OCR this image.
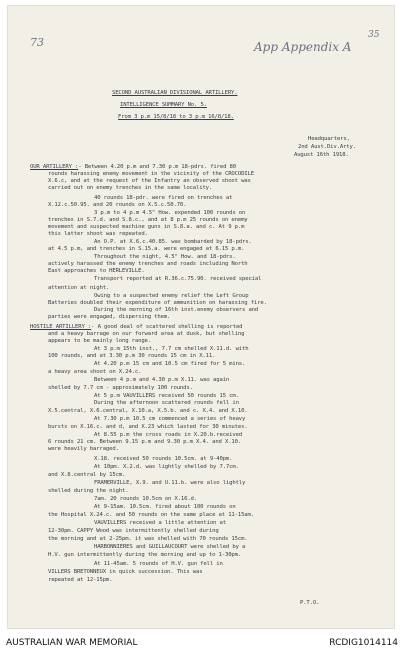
73	App Appendix A
35
SECOND AUSTRALIAN DIVISIONAL ARTILLERY.
INTELLIGENCE SUMMARY No. 5.
From 3 p.m 15/8/18 to 3 p.m 16/8/18.
Headquarters,
2nd Aust.Div.Arty.
August 16th 1918.
OUR ARTILLERY :- Between 4.20 p.m and 7.30 p.m 18-pdrs. fired 80
rounds harassing enemy movement in the vicinity of the CROCODILE
X.6.c, and at the request of the Infantry an observed shoot was
carried out on enemy trenches in the same locality.
40 rounds 18-pdr. were fired on trenches at
X.12.c.50.95. and 20 rounds on X.5.c.50.70.
3 p.m to 4 p.m 4.5" How. expended 100 rounds on
trenches in S.7.d. and S.8.c., and at 8 p.m 25 rounds on enemy
movement and suspected machine guns in S.8.a. and c. At 9 p.m
this latter shoot was repeated.
An O.P. at X.6.c.40.85. was bombarded by 18-pdrs.
at 4.5 p.m, and trenches in S.15.a. were engaged at 6.15 p.m.
Throughout the night, 4.5" How. and 18-pdrs.
actively harassed the enemy trenches and roads including North
East approaches to HERLEVILLE.
Transport reported at R.36.c.75.90. received special
attention at night.
Owing to a suspected enemy relief the Left Group
Batteries doubled their expenditure of ammunition on harassing fire.
During the morning of 16th inst.enemy observers and
parties were engaged, dispersing them.
HOSTILE ARTILLERY :- A good deal of scattered shelling is reported
and a heavy barrage on our forward area at dusk, but shelling
appears to be mainly long range.
At 3 p.m 15th inst., 7.7 cm shelled X.11.d. with
100 rounds, and at 3.30 p.m 30 rounds 15 cm in X.11.
At 4.20 p.m 15 cm and 10.5 cm fired for 5 mins.
a heavy area shoot on X.24.c.
Between 4 p.m and 4.30 p.m X.11. was again
shelled by 7.7 cm - approximately 100 rounds.
At 5 p.m VAUVILLERS received 50 rounds 15 cm.
During the afternoon scattered rounds fell in
X.5.central, X.6.central, X.10.a, X.5.b. and c. X.4. and X.10.
At 7.30 p.m 10.5 cm commenced a series of heavy
bursts on X.16.c. and d, and X.23 which lasted for 30 minutes.
At 8.55 p.m the cross roads in X.20.b.received
6 rounds 21 cm. Between 9.15 p.m and 9.30 p.m X.4. and X.10.
were heavily barraged.
X.18. received 50 rounds 10.5cm. at 9-40pm.
At 10pm. X.2.d. was lightly shelled by 7.7cm.
and X.8.central by 15cm.
FRAMERVILLE, X.9. and U.11.b. were also lightly
shelled during the night.
7am. 20 rounds 10.5cm on X.16.d.
At 9-15am. 10.5cm. fired about 100 rounds on
the Hospital X.24.c. and 50 rounds on the same place at 11-15am.
VAUVILLERS received a little attention at
12-30pm. CAPPY Wood was intermittently shelled during
the morning and at 2-25pm. it was shelled with 70 rounds 15cm.
HARBONNIERES and GUILLAUCOURT were shelled by a
H.V. gun intermittently during the morning and up to 1-30pm.
At 11-45am. 5 rounds of H.V. gun fell in
VILLERS BRETONNEUX in quick succession. This was
repeated at 12-15pm.
P.T.O.
AUSTRALIAN WAR MEMORIAL	RCDIG1014114
